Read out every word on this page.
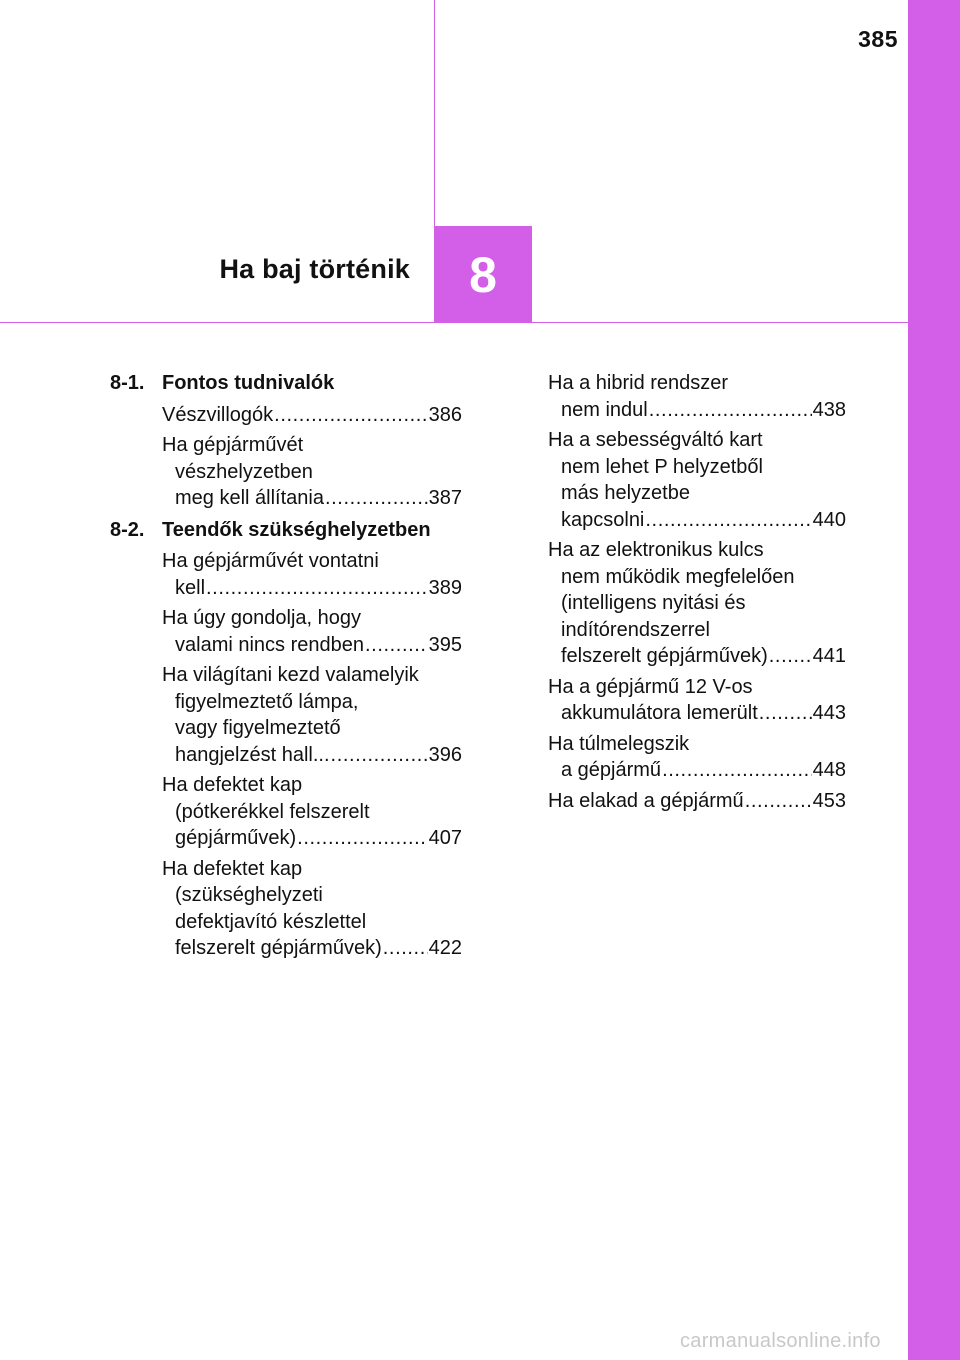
385
Ha baj történik	8
8-1. Fontos tudnivalók
Vészvillogók .....	386
Ha gépjárművét
vészhelyzetben
meg kell állítania .....	387
8-2. Teendők szükséghelyzetben
Ha gépjárművét vontatni
kell .....	389
Ha úgy gondolja, hogy
valami nincs rendben .....	395
Ha világítani kezd valamelyik
figyelmeztető lámpa,
vagy figyelmeztető
hangjelzést hall... .....	396
Ha defektet kap
(pótkerékkel felszerelt
gépjárművek) .....	407
Ha defektet kap
(szükséghelyzeti
defektjavító készlettel
felszerelt gépjárművek) ..... 422
Ha a hibrid rendszer
nem indul .....	438
Ha a sebességváltó kart
nem lehet P helyzetből
más helyzetbe
kapcsolni .....	440
Ha az elektronikus kulcs
nem működik megfelelően
(intelligens nyitási és
indítórendszerrel
felszerelt gépjárművek) ..... 441
Ha a gépjármű 12 V-os
akkumulátora lemerült .....	443
Ha túlmelegszik
a gépjármű .....	448
Ha elakad a gépjármű .....	453
carmanualsonline.info
